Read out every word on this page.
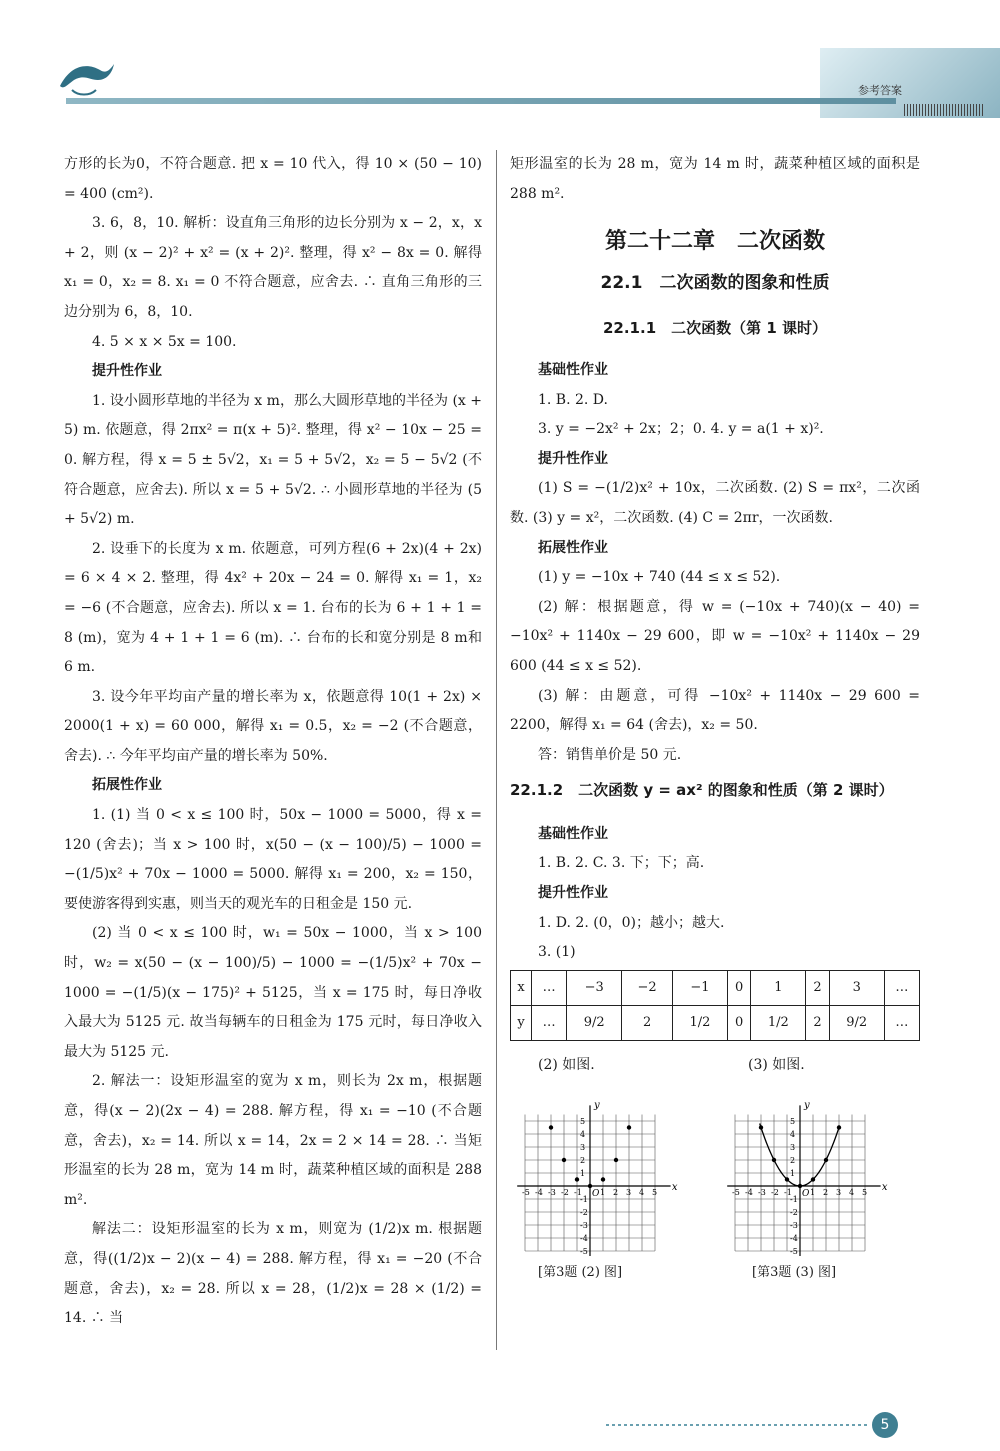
参考答案

方形的长为0，不符合题意. 把 x = 10 代入，得 10 × (50 − 10) = 400 (cm²).

3. 6，8，10. 解析：设直角三角形的边长分别为 x − 2，x，x + 2，则 (x − 2)² + x² = (x + 2)². 整理，得 x² − 8x = 0. 解得 x₁ = 0，x₂ = 8. x₁ = 0 不符合题意，应舍去. ∴ 直角三角形的三边分别为 6，8，10.

4. 5 × x × 5x = 100.

提升性作业

1. 设小圆形草地的半径为 x m，那么大圆形草地的半径为 (x + 5) m. 依题意，得 2πx² = π(x + 5)². 整理，得 x² − 10x − 25 = 0. 解方程，得 x = 5 ± 5√2，x₁ = 5 + 5√2，x₂ = 5 − 5√2 (不符合题意，应舍去). 所以 x = 5 + 5√2. ∴ 小圆形草地的半径为 (5 + 5√2) m.

2. 设垂下的长度为 x m. 依题意，可列方程(6 + 2x)(4 + 2x) = 6 × 4 × 2. 整理，得 4x² + 20x − 24 = 0. 解得 x₁ = 1，x₂ = −6 (不合题意，应舍去). 所以 x = 1. 台布的长为 6 + 1 + 1 = 8 (m)，宽为 4 + 1 + 1 = 6 (m). ∴ 台布的长和宽分别是 8 m和 6 m.

3. 设今年平均亩产量的增长率为 x，依题意得 10(1 + 2x) × 2000(1 + x) = 60 000，解得 x₁ = 0.5，x₂ = −2 (不合题意，舍去). ∴ 今年平均亩产量的增长率为 50%.

拓展性作业

1. (1) 当 0 < x ≤ 100 时，50x − 1000 = 5000，得 x = 120 (舍去)；当 x > 100 时，x(50 − (x − 100)/5) − 1000 = −(1/5)x² + 70x − 1000 = 5000. 解得 x₁ = 200，x₂ = 150，要使游客得到实惠，则当天的观光车的日租金是 150 元.

(2) 当 0 < x ≤ 100 时，w₁ = 50x − 1000，当 x > 100 时，w₂ = x(50 − (x − 100)/5) − 1000 = −(1/5)x² + 70x − 1000 = −(1/5)(x − 175)² + 5125，当 x = 175 时，每日净收入最大为 5125 元. 故当每辆车的日租金为 175 元时，每日净收入最大为 5125 元.

2. 解法一：设矩形温室的宽为 x m，则长为 2x m，根据题意，得(x − 2)(2x − 4) = 288. 解方程，得 x₁ = −10 (不合题意，舍去)，x₂ = 14. 所以 x = 14，2x = 2 × 14 = 28. ∴ 当矩形温室的长为 28 m，宽为 14 m 时，蔬菜种植区域的面积是 288 m².

解法二：设矩形温室的长为 x m，则宽为 (1/2)x m. 根据题意，得((1/2)x − 2)(x − 4) = 288. 解方程，得 x₁ = −20 (不合题意，舍去)，x₂ = 28. 所以 x = 28，(1/2)x = 28 × (1/2) = 14. ∴ 当

矩形温室的长为 28 m，宽为 14 m 时，蔬菜种植区域的面积是 288 m².

第二十二章　二次函数
22.1　二次函数的图象和性质
22.1.1　二次函数（第 1 课时）

基础性作业

1. B. 2. D.

3. y = −2x² + 2x；2；0. 4. y = a(1 + x)².

提升性作业

(1) S = −(1/2)x² + 10x，二次函数. (2) S = πx²，二次函数. (3) y = x²，二次函数. (4) C = 2πr，一次函数.

拓展性作业

(1) y = −10x + 740 (44 ≤ x ≤ 52).

(2) 解：根据题意，得 w = (−10x + 740)(x − 40) = −10x² + 1140x − 29 600，即 w = −10x² + 1140x − 29 600 (44 ≤ x ≤ 52).

(3) 解：由题意，可得 −10x² + 1140x − 29 600 = 2200，解得 x₁ = 64 (舍去)，x₂ = 50.

答：销售单价是 50 元.

22.1.2　二次函数 y = ax² 的图象和性质（第 2 课时）

基础性作业

1. B. 2. C. 3. 下；下；高.

提升性作业

1. D. 2. (0，0)；越小；越大.

3. (1)

x	…	−3	−2	−1	0	1	2	3	…
y	…	9/2	2	1/2	0	1/2	2	9/2	…
(2) 如图.	(3) 如图.
x
y
O
-5
-5
-4
-4
-3
-3
-2
-2
-1
-1
1
1
2
2
3
3
4
4
5
5
x
y
O
-5
-5
-4
-4
-3
-3
-2
-2
-1
-1
1
1
2
2
3
3
4
4
5
5
[第3题 (2) 图]	[第3题 (3) 图]
5
